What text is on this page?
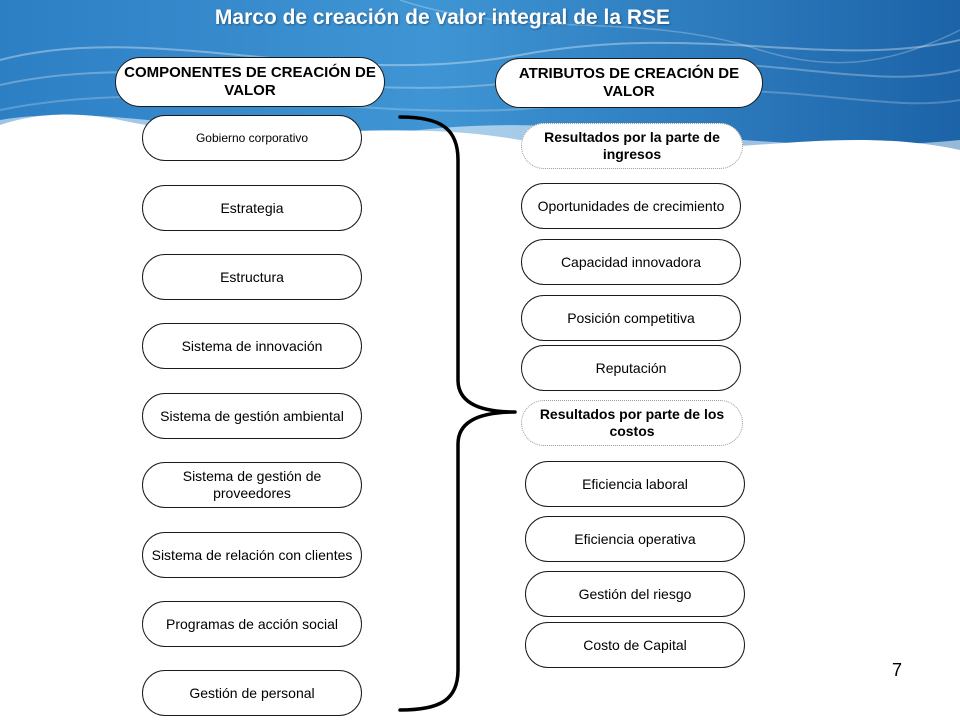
Marco de creación de valor integral de la RSE
COMPONENTES DE CREACIÓN DE VALOR
ATRIBUTOS DE CREACIÓN DE VALOR
Gobierno corporativo
Estrategia
Estructura
Sistema de innovación
Sistema de gestión ambiental
Sistema de gestión de proveedores
Sistema de relación con clientes
Programas de acción social
Gestión de personal
Resultados por la parte de ingresos
Oportunidades de crecimiento
Capacidad innovadora
Posición competitiva
Reputación
Resultados por parte de los costos
Eficiencia laboral
Eficiencia operativa
Gestión del riesgo
Costo de Capital
7
